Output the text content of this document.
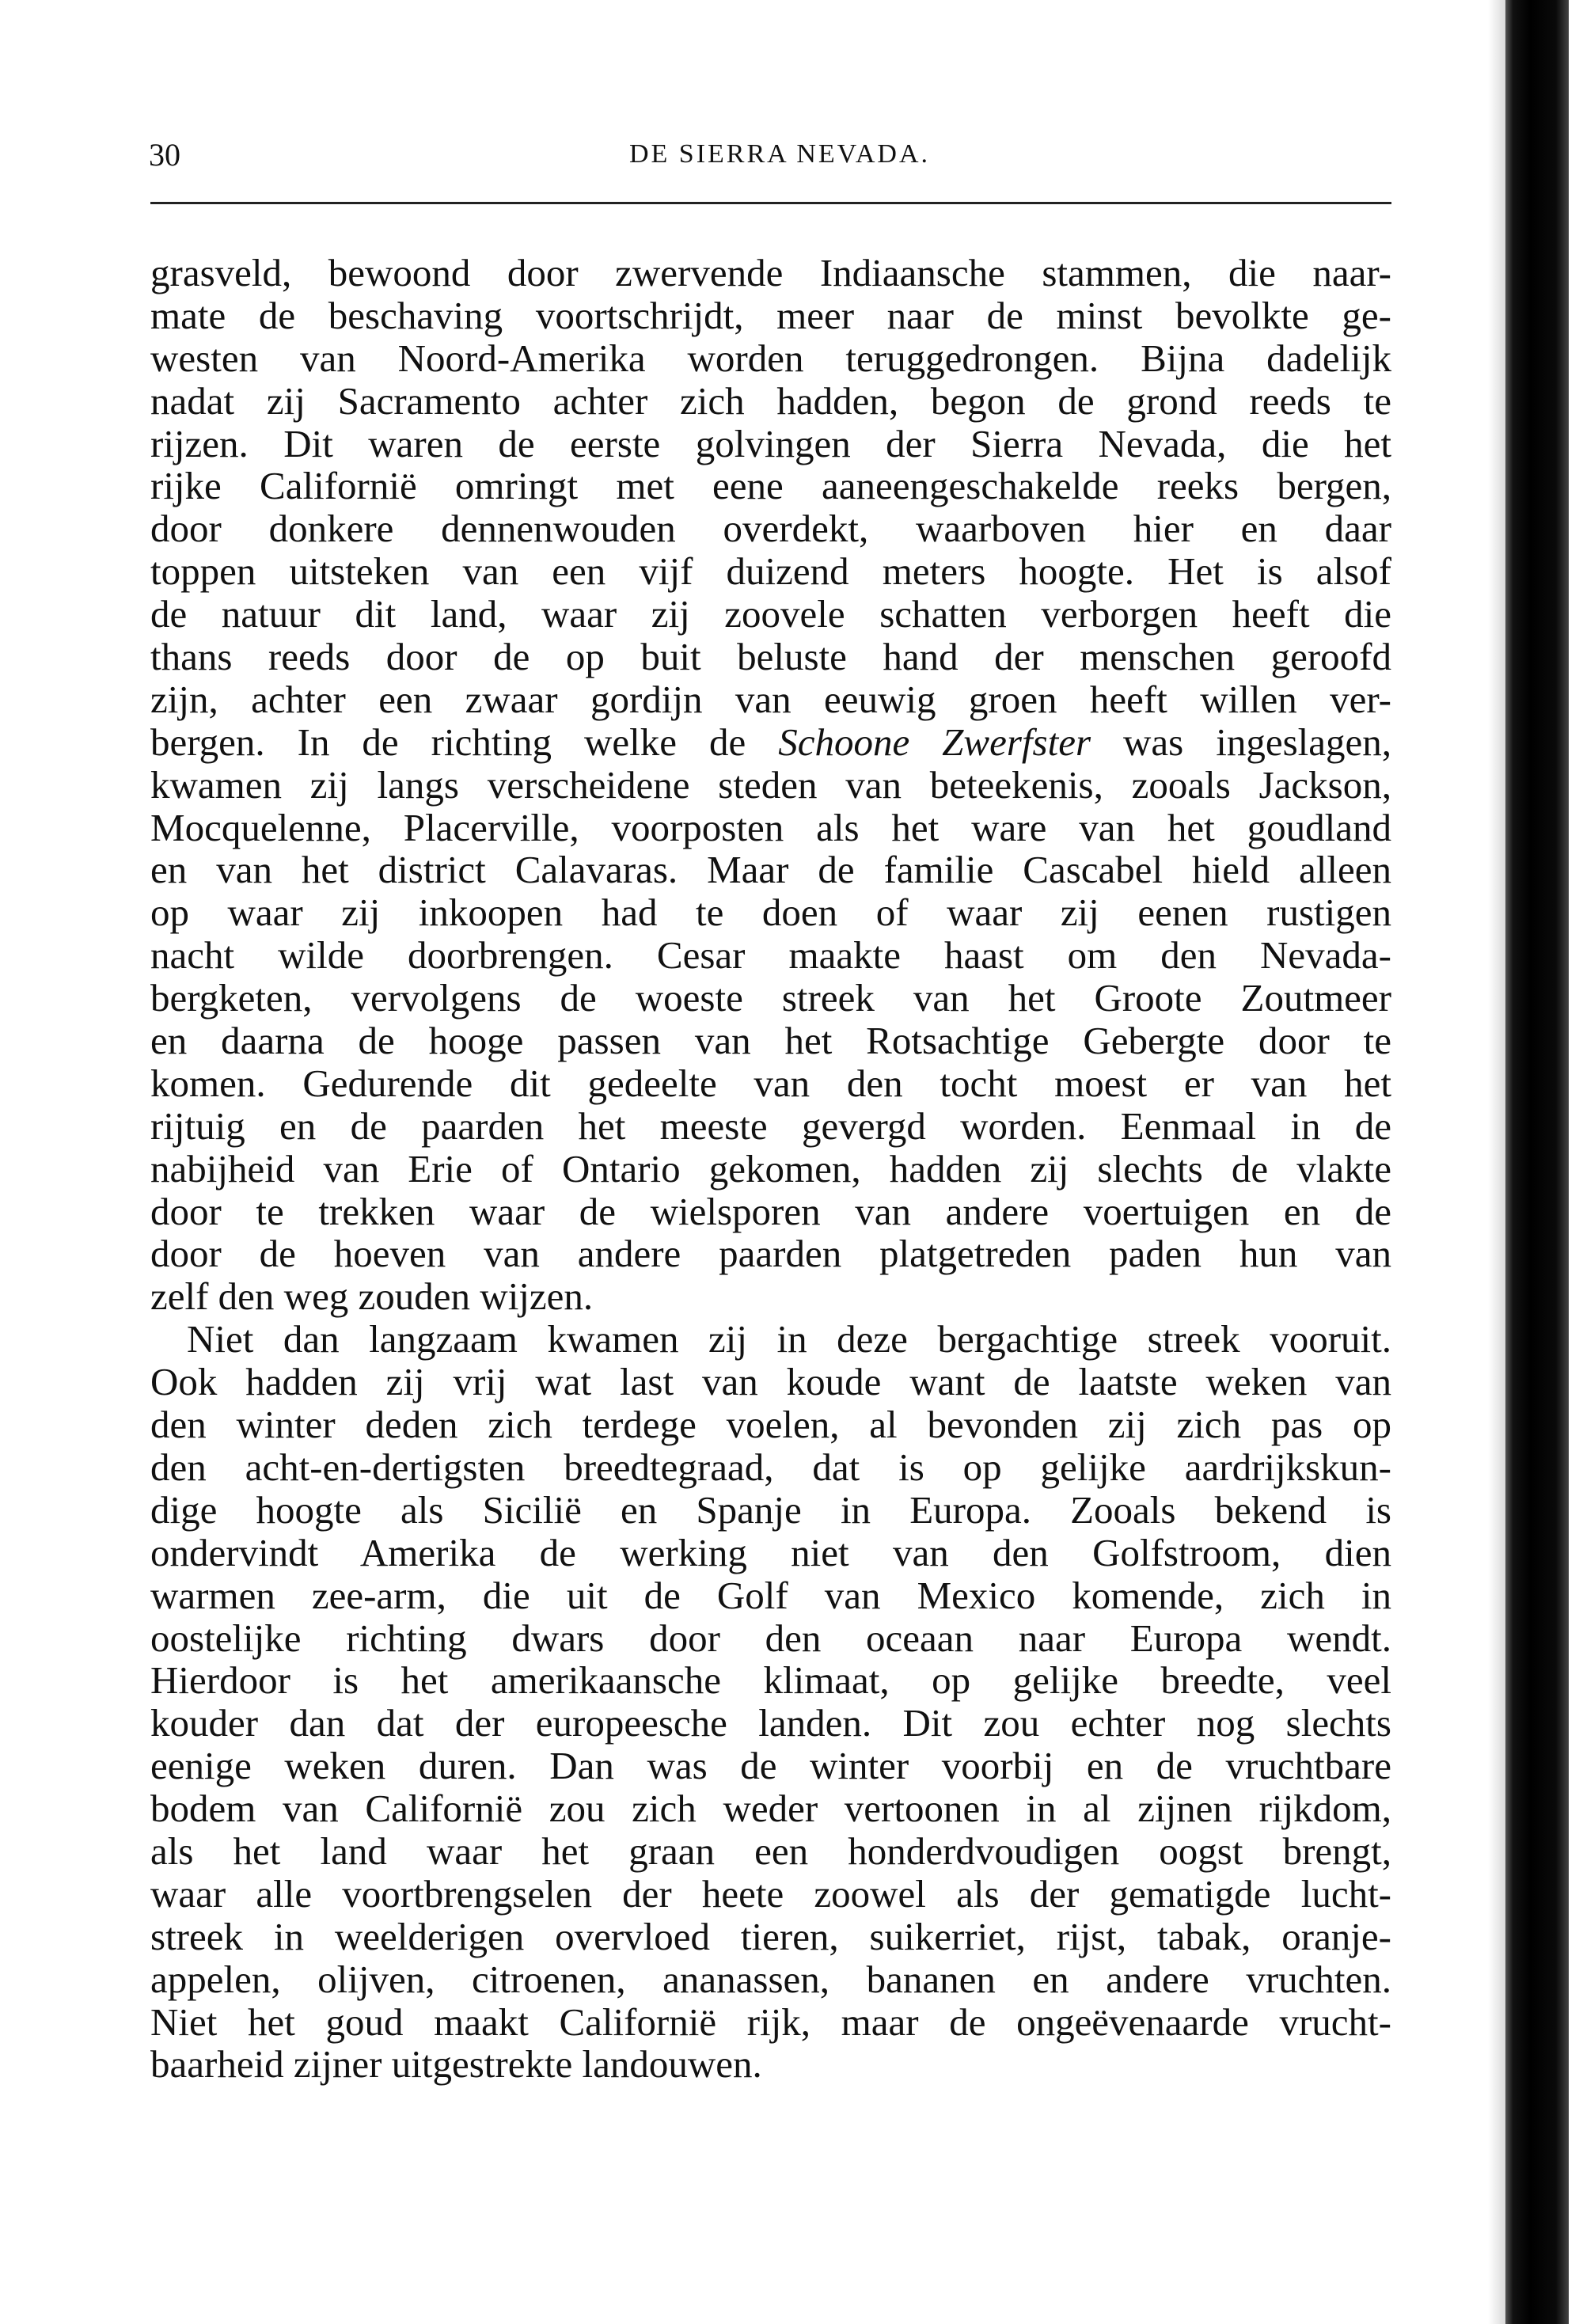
30	DE SIERRA NEVADA.
grasveld, bewoond door zwervende Indiaansche stammen, die naar-
mate de beschaving voortschrijdt, meer naar de minst bevolkte ge-
westen van Noord-Amerika worden teruggedrongen. Bijna dadelijk
nadat zij Sacramento achter zich hadden, begon de grond reeds te
rijzen. Dit waren de eerste golvingen der Sierra Nevada, die het
rijke Californië omringt met eene aaneengeschakelde reeks bergen,
door donkere dennenwouden overdekt, waarboven hier en daar
toppen uitsteken van een vijf duizend meters hoogte. Het is alsof
de natuur dit land, waar zij zoovele schatten verborgen heeft die
thans reeds door de op buit beluste hand der menschen geroofd
zijn, achter een zwaar gordijn van eeuwig groen heeft willen ver-
bergen. In de richting welke de Schoone Zwerfster was ingeslagen,
kwamen zij langs verscheidene steden van beteekenis, zooals Jackson,
Mocquelenne, Placerville, voorposten als het ware van het goudland
en van het district Calavaras. Maar de familie Cascabel hield alleen
op waar zij inkoopen had te doen of waar zij eenen rustigen
nacht wilde doorbrengen. Cesar maakte haast om den Nevada-
bergketen, vervolgens de woeste streek van het Groote Zoutmeer
en daarna de hooge passen van het Rotsachtige Gebergte door te
komen. Gedurende dit gedeelte van den tocht moest er van het
rijtuig en de paarden het meeste gevergd worden. Eenmaal in de
nabijheid van Erie of Ontario gekomen, hadden zij slechts de vlakte
door te trekken waar de wielsporen van andere voertuigen en de
door de hoeven van andere paarden platgetreden paden hun van
zelf den weg zouden wijzen.
Niet dan langzaam kwamen zij in deze bergachtige streek vooruit.
Ook hadden zij vrij wat last van koude want de laatste weken van
den winter deden zich terdege voelen, al bevonden zij zich pas op
den acht-en-dertigsten breedtegraad, dat is op gelijke aardrijkskun-
dige hoogte als Sicilië en Spanje in Europa. Zooals bekend is
ondervindt Amerika de werking niet van den Golfstroom, dien
warmen zee-arm, die uit de Golf van Mexico komende, zich in
oostelijke richting dwars door den oceaan naar Europa wendt.
Hierdoor is het amerikaansche klimaat, op gelijke breedte, veel
kouder dan dat der europeesche landen. Dit zou echter nog slechts
eenige weken duren. Dan was de winter voorbij en de vruchtbare
bodem van Californië zou zich weder vertoonen in al zijnen rijkdom,
als het land waar het graan een honderdvoudigen oogst brengt,
waar alle voortbrengselen der heete zoowel als der gematigde lucht-
streek in weelderigen overvloed tieren, suikerriet, rijst, tabak, oranje-
appelen, olijven, citroenen, ananassen, bananen en andere vruchten.
Niet het goud maakt Californië rijk, maar de ongeëvenaarde vrucht-
baarheid zijner uitgestrekte landouwen.
